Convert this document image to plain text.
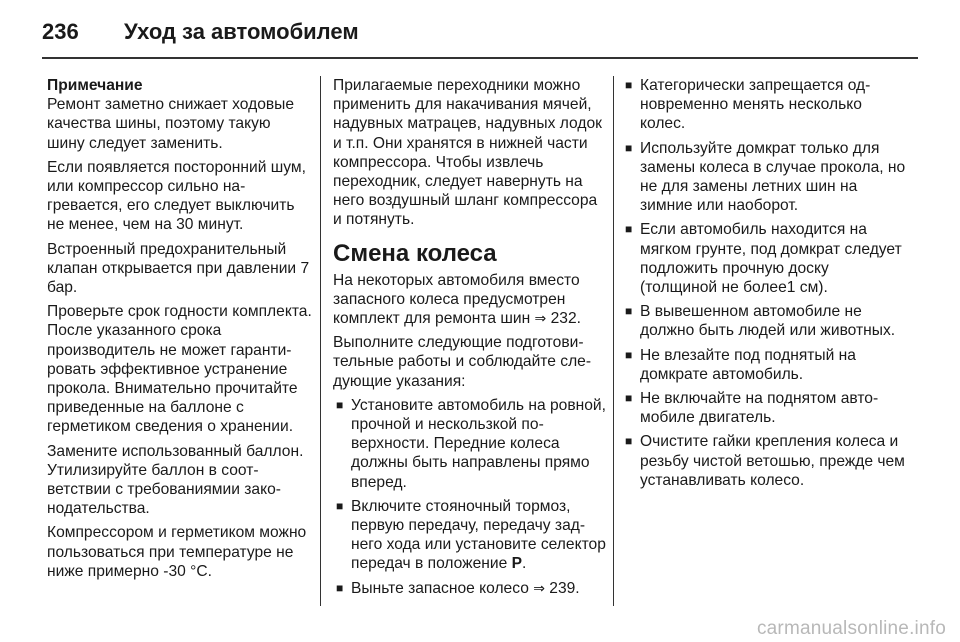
236	Уход за автомобилем
Примечание

Ремонт заметно снижает ходовые качества шины, поэтому такую шину следует заменить.

Если появляется посторонний шум, или компрессор сильно нагревается, его следует выключить не менее, чем на 30 минут.

Встроенный предохранительный клапан открывается при давлении 7 бар.

Проверьте срок годности комплекта. После указанного срока производитель не может гарантировать эффективное устранение прокола. Внимательно прочитайте приведенные на баллоне с герметиком сведения о хранении.

Замените использованный баллон. Утилизируйте баллон в соответствии с требованиямии законодательства.

Компрессором и герметиком можно пользоваться при температуре не ниже примерно -30 °C.

Прилагаемые переходники можно применить для накачивания мячей, надувных матрацев, надувных лодок и т.п. Они хранятся в нижней части компрессора. Чтобы извлечь переходник, следует навернуть на него воздушный шланг компрессора и потянуть.

Смена колеса

На некоторых автомобиля вместо запасного колеса предусмотрен комплект для ремонта шин ⇒ 232.

Выполните следующие подготовительные работы и соблюдайте следующие указания:

■ Установите автомобиль на ровной, прочной и нескользкой поверхности. Передние колеса должны быть направлены прямо вперед.
■ Включите стояночный тормоз, первую передачу, передачу заднего хода или установите селектор передач в положение P.
■ Выньте запасное колесо ⇒ 239.
■ Категорически запрещается одновременно менять несколько колес.
■ Используйте домкрат только для замены колеса в случае прокола, но не для замены летних шин на зимние или наоборот.
■ Если автомобиль находится на мягком грунте, под домкрат следует подложить прочную доску (толщиной не более1 см).
■ В вывешенном автомобиле не должно быть людей или животных.
■ Не влезайте под поднятый на домкрате автомобиль.
■ Не включайте на поднятом автомобиле двигатель.
■ Очистите гайки крепления колеса и резьбу чистой ветошью, прежде чем устанавливать колесо.
carmanualsonline.info
